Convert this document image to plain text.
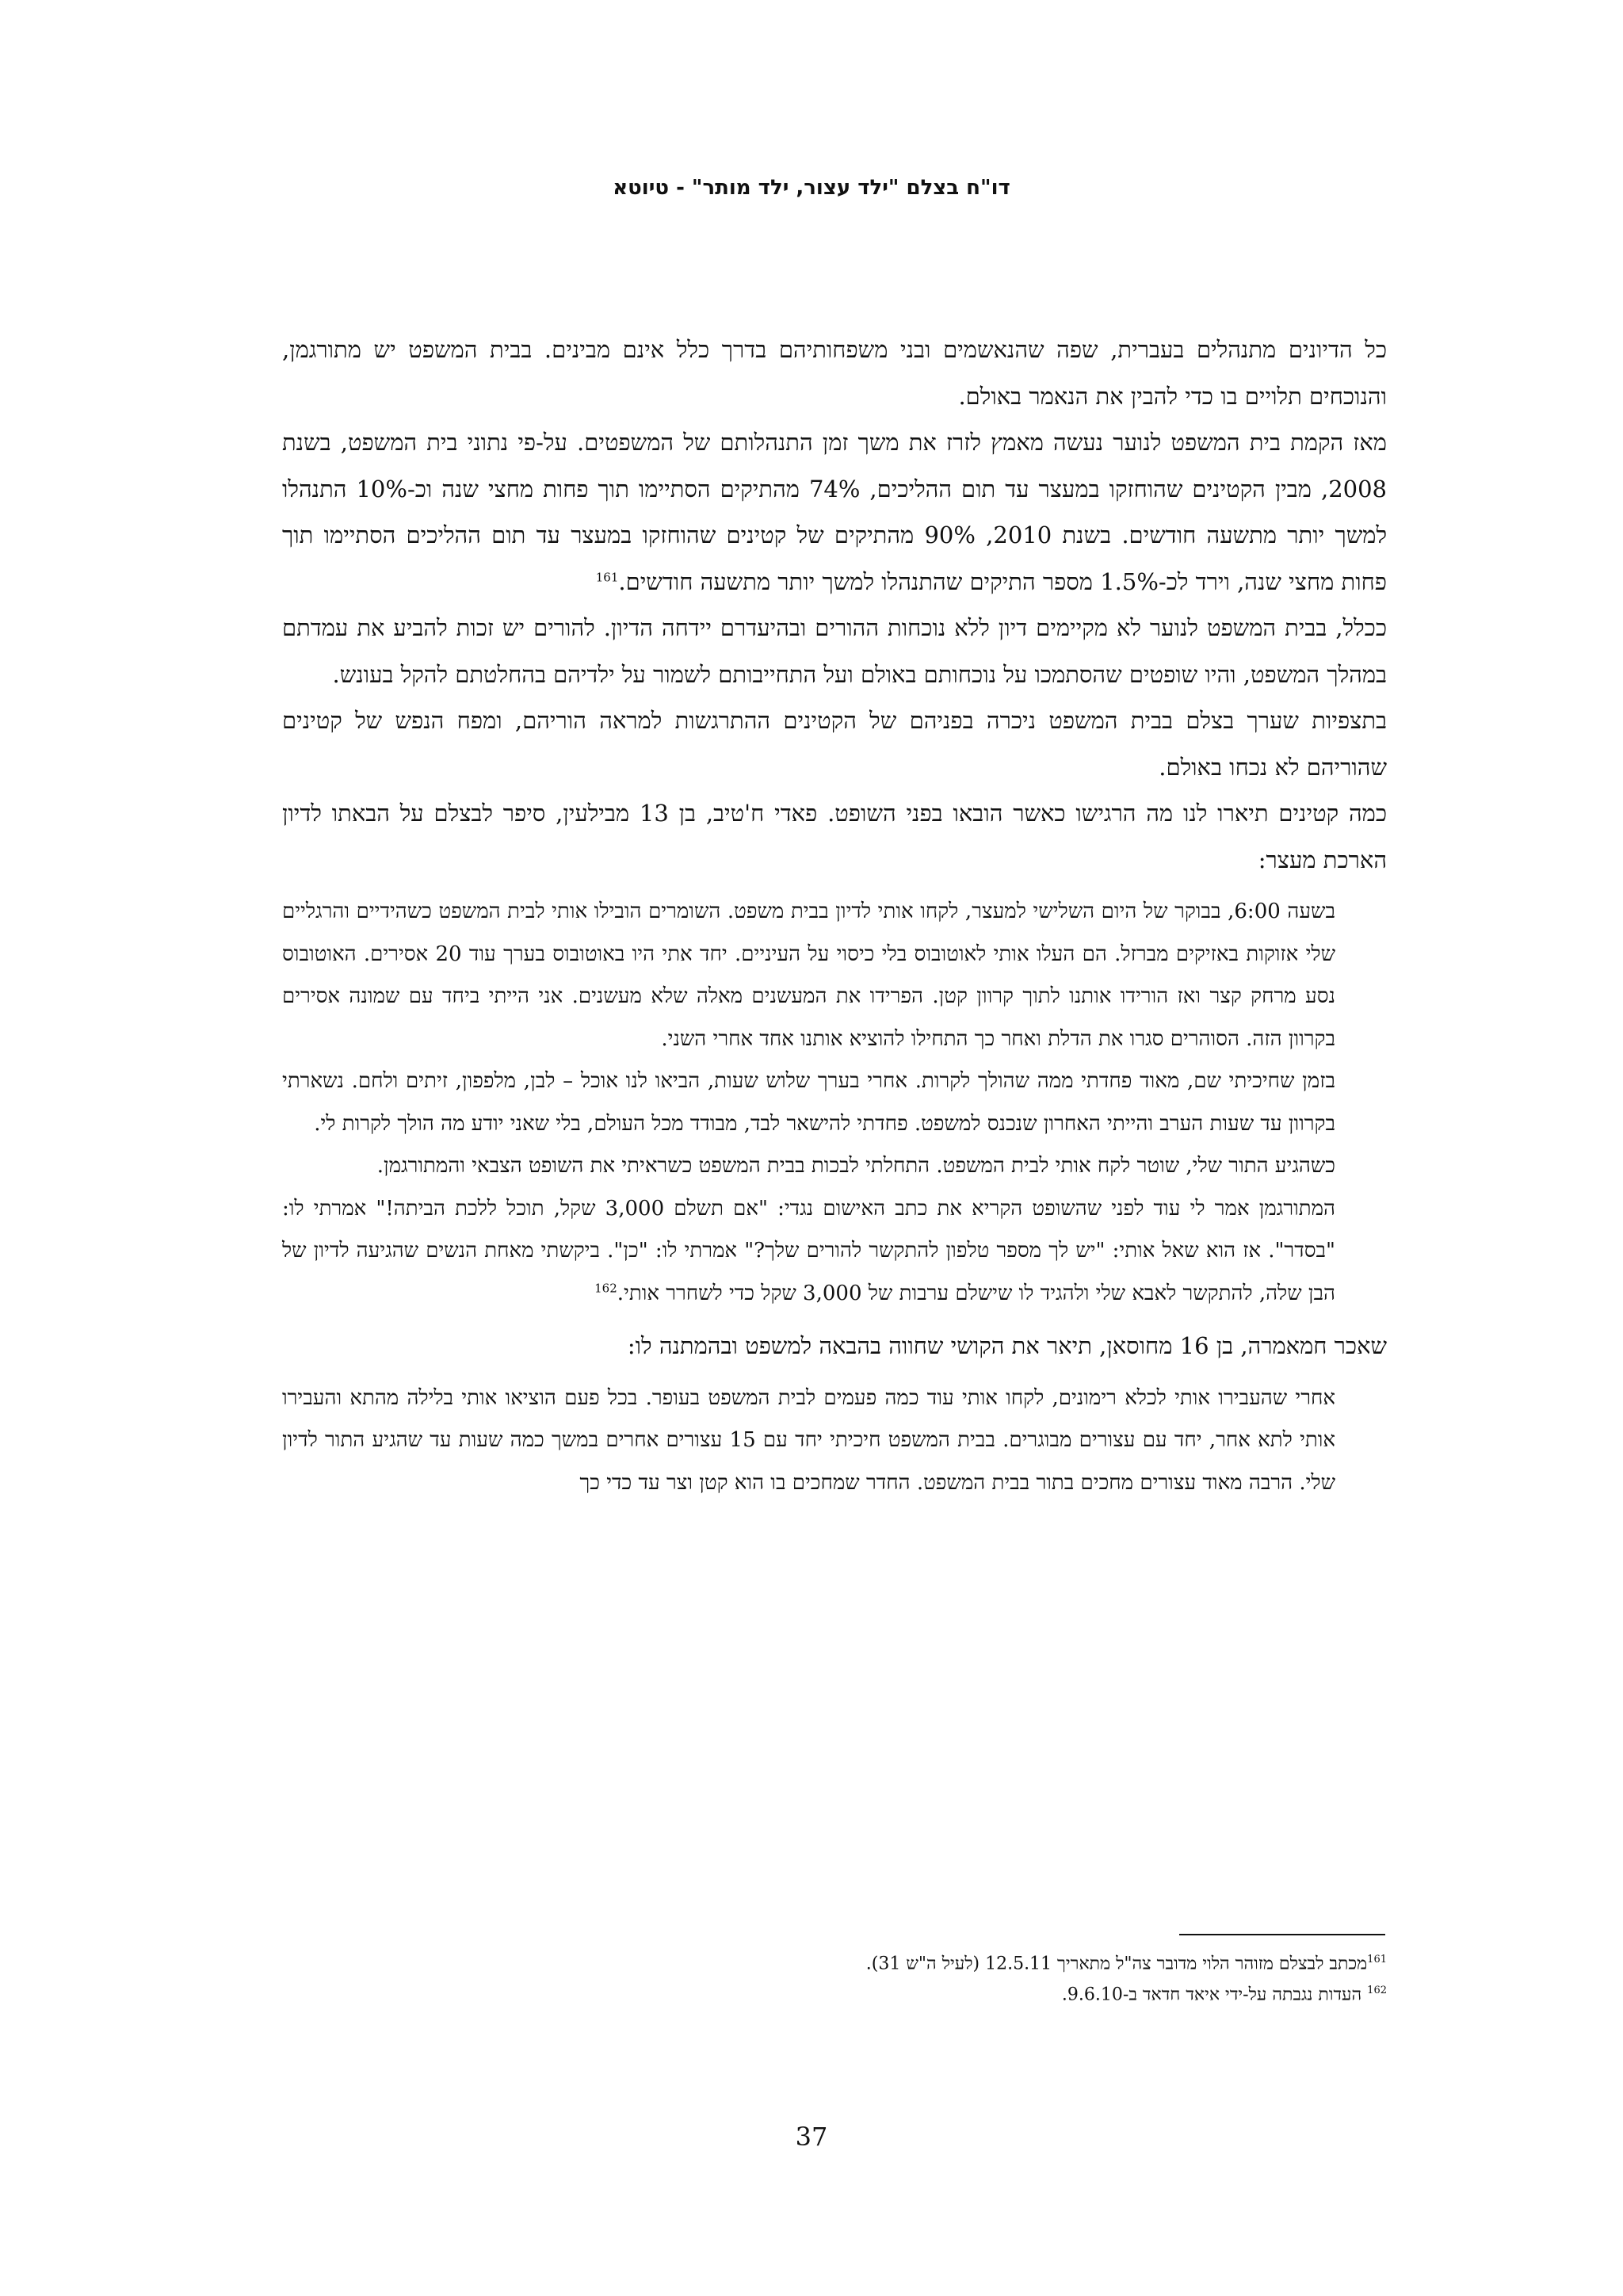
דו"ח בצלם "ילד עצור, ילד מותר" - טיוטא

כל הדיונים מתנהלים בעברית, שפה שהנאשמים ובני משפחותיהם בדרך כלל אינם מבינים. בבית המשפט יש מתורגמן, והנוכחים תלויים בו כדי להבין את הנאמר באולם.

מאז הקמת בית המשפט לנוער נעשה מאמץ לזרז את משך זמן התנהלותם של המשפטים. על-פי נתוני בית המשפט, בשנת 2008, מבין הקטינים שהוחזקו במעצר עד תום ההליכים, 74% מהתיקים הסתיימו תוך פחות מחצי שנה וכ-10% התנהלו למשך יותר מתשעה חודשים. בשנת 2010, 90% מהתיקים של קטינים שהוחזקו במעצר עד תום ההליכים הסתיימו תוך פחות מחצי שנה, וירד לכ-1.5% מספר התיקים שהתנהלו למשך יותר מתשעה חודשים.$^{161}$

ככלל, בבית המשפט לנוער לא מקיימים דיון ללא נוכחות ההורים ובהיעדרם יידחה הדיון. להורים יש זכות להביע את עמדתם במהלך המשפט, והיו שופטים שהסתמכו על נוכחותם באולם ועל התחייבותם לשמור על ילדיהם בהחלטתם להקל בעונש.

בתצפיות שערך בצלם בבית המשפט ניכרה בפניהם של הקטינים ההתרגשות למראה הוריהם, ומפח הנפש של קטינים שהוריהם לא נכחו באולם.

כמה קטינים תיארו לנו מה הרגישו כאשר הובאו בפני השופט. פאדי ח'טיב, בן 13 מבילעין, סיפר לבצלם על הבאתו לדיון הארכת מעצר:

בשעה 6:00, בבוקר של היום השלישי למעצר, לקחו אותי לדיון בבית משפט. השומרים הובילו אותי לבית המשפט כשהידיים והרגליים שלי אזוקות באזיקים מברזל. הם העלו אותי לאוטובוס בלי כיסוי על העיניים. יחד אתי היו באוטובוס בערך עוד 20 אסירים. האוטובוס נסע מרחק קצר ואז הורידו אותנו לתוך קרוון קטן. הפרידו את המעשנים מאלה שלא מעשנים. אני הייתי ביחד עם שמונה אסירים בקרוון הזה. הסוהרים סגרו את הדלת ואחר כך התחילו להוציא אותנו אחד אחרי השני.

בזמן שחיכיתי שם, מאוד פחדתי ממה שהולך לקרות. אחרי בערך שלוש שעות, הביאו לנו אוכל – לבן, מלפפון, זיתים ולחם. נשארתי בקרוון עד שעות הערב והייתי האחרון שנכנס למשפט. פחדתי להישאר לבד, מבודד מכל העולם, בלי שאני יודע מה הולך לקרות לי.

כשהגיע התור שלי, שוטר לקח אותי לבית המשפט. התחלתי לבכות בבית המשפט כשראיתי את השופט הצבאי והמתורגמן.

המתורגמן אמר לי עוד לפני שהשופט הקריא את כתב האישום נגדי: "אם תשלם 3,000 שקל, תוכל ללכת הביתה!" אמרתי לו: "בסדר". אז הוא שאל אותי: "יש לך מספר טלפון להתקשר להורים שלך?" אמרתי לו: "כן". ביקשתי מאחת הנשים שהגיעה לדיון של הבן שלה, להתקשר לאבא שלי ולהגיד לו שישלם ערבות של 3,000 שקל כדי לשחרר אותי.$^{162}$

שאכר חמאמרה, בן 16 מחוסאן, תיאר את הקושי שחווה בהבאה למשפט ובהמתנה לו:

אחרי שהעבירו אותי לכלא רימונים, לקחו אותי עוד כמה פעמים לבית המשפט בעופר. בכל פעם הוציאו אותי בלילה מהתא והעבירו אותי לתא אחר, יחד עם עצורים מבוגרים. בבית המשפט חיכיתי יחד עם 15 עצורים אחרים במשך כמה שעות עד שהגיע התור לדיון שלי. הרבה מאוד עצורים מחכים בתור בבית המשפט. החדר שמחכים בו הוא קטן וצר עד כדי כך

$^{161}$מכתב לבצלם מזוהר הלוי מדובר צה"ל מתאריך 12.5.11 (לעיל ה"ש 31).
$^{162}$ העדות נגבתה על-ידי איאד חדאד ב-9.6.10.
37
